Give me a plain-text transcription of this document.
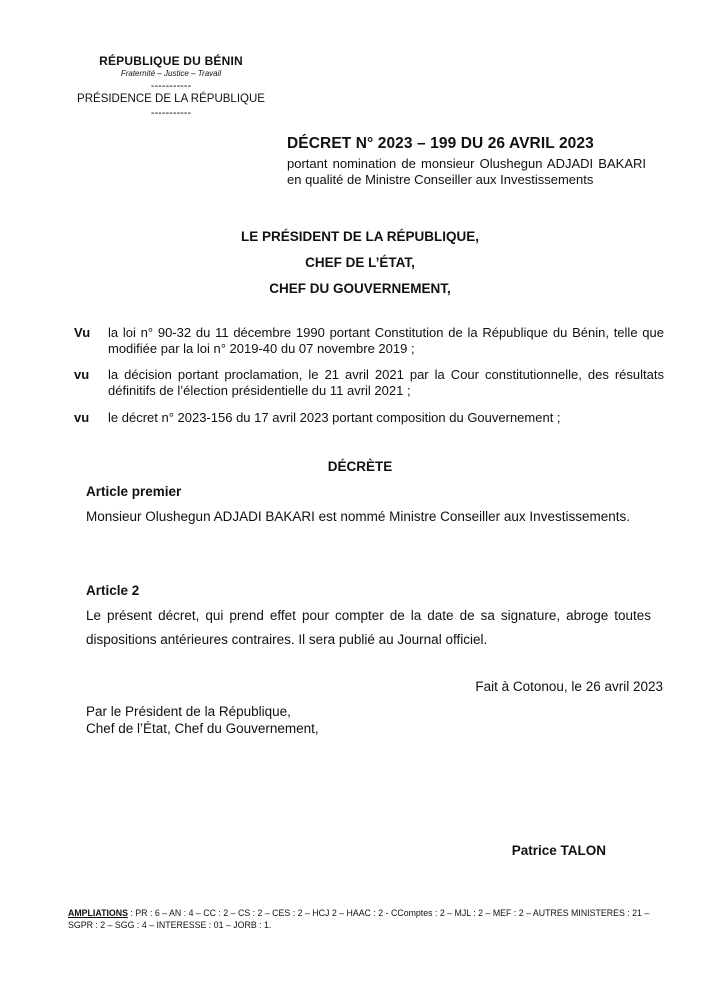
RÉPUBLIQUE DU BÉNIN
Fraternité – Justice – Travail
-----------
PRÉSIDENCE DE LA RÉPUBLIQUE
-----------
DÉCRET N° 2023 – 199 DU 26 AVRIL 2023
portant nomination de monsieur Olushegun ADJADI BAKARI en qualité de Ministre Conseiller aux Investissements
LE PRÉSIDENT DE LA RÉPUBLIQUE,
CHEF DE L’ÉTAT,
CHEF DU GOUVERNEMENT,
Vu la loi n° 90-32 du 11 décembre 1990 portant Constitution de la République du Bénin, telle que modifiée par la loi n° 2019-40 du 07 novembre 2019 ;
vu la décision portant proclamation, le 21 avril 2021 par la Cour constitutionnelle, des résultats définitifs de l’élection présidentielle du 11 avril 2021 ;
vu le décret n° 2023-156 du 17 avril 2023 portant composition du Gouvernement ;
DÉCRÈTE
Article premier
Monsieur Olushegun ADJADI BAKARI est nommé Ministre Conseiller aux Investissements.
Article 2
Le présent décret, qui prend effet pour compter de la date de sa signature, abroge toutes dispositions antérieures contraires. Il sera publié au Journal officiel.
Fait à Cotonou, le 26 avril 2023
Par le Président de la République,
Chef de l’État, Chef du Gouvernement,
Patrice TALON
AMPLIATIONS : PR : 6 – AN : 4 – CC : 2 – CS : 2 – CES : 2 – HCJ 2 – HAAC : 2 - CComptes : 2 – MJL : 2 – MEF : 2 – AUTRES MINISTERES : 21 – SGPR : 2 – SGG : 4 – INTERESSE : 01 – JORB : 1.
